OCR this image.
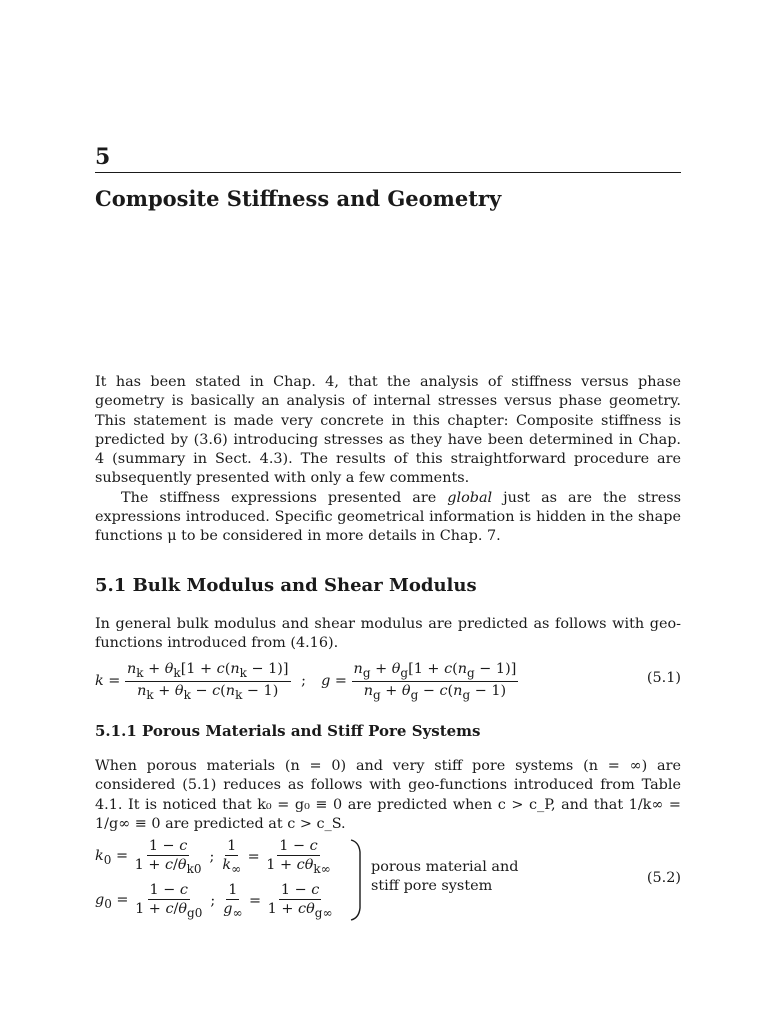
5
Composite Stiffness and Geometry

It has been stated in Chap. 4, that the analysis of stiffness versus phase geometry is basically an analysis of internal stresses versus phase geometry. This statement is made very concrete in this chapter: Composite stiffness is predicted by (3.6) introducing stresses as they have been determined in Chap. 4 (summary in Sect. 4.3). The results of this straightforward procedure are subsequently presented with only a few comments.

The stiffness expressions presented are global just as are the stress expressions introduced. Specific geometrical information is hidden in the shape functions μ to be considered in more details in Chap. 7.

5.1 Bulk Modulus and Shear Modulus

In general bulk modulus and shear modulus are predicted as follows with geo-functions introduced from (4.16).

$k = \frac{n_k + \theta_k[1 + c(n_k - 1)]}{n_k + \theta_k - c(n_k - 1)}$ ; $g = \frac{n_g + \theta_g[1 + c(n_g - 1)]}{n_g + \theta_g - c(n_g - 1)}$	(5.1)
5.1.1 Porous Materials and Stiff Pore Systems

When porous materials (n = 0) and very stiff pore systems (n = ∞) are considered (5.1) reduces as follows with geo-functions introduced from Table 4.1. It is noticed that k₀ = g₀ ≡ 0 are predicted when c > c_P, and that 1/k∞ = 1/g∞ ≡ 0 are predicted at c > c_S.

$k_0 = \frac{1 - c}{1 + c/\theta_{k0}}$ ; $\frac{1}{k_\infty} = \frac{1 - c}{1 + c\theta_{k\infty}}$
$g_0 = \frac{1 - c}{1 + c/\theta_{g0}}$ ; $\frac{1}{g_\infty} = \frac{1 - c}{1 + c\theta_{g\infty}}$
porous material and
stiff pore system	(5.2)
